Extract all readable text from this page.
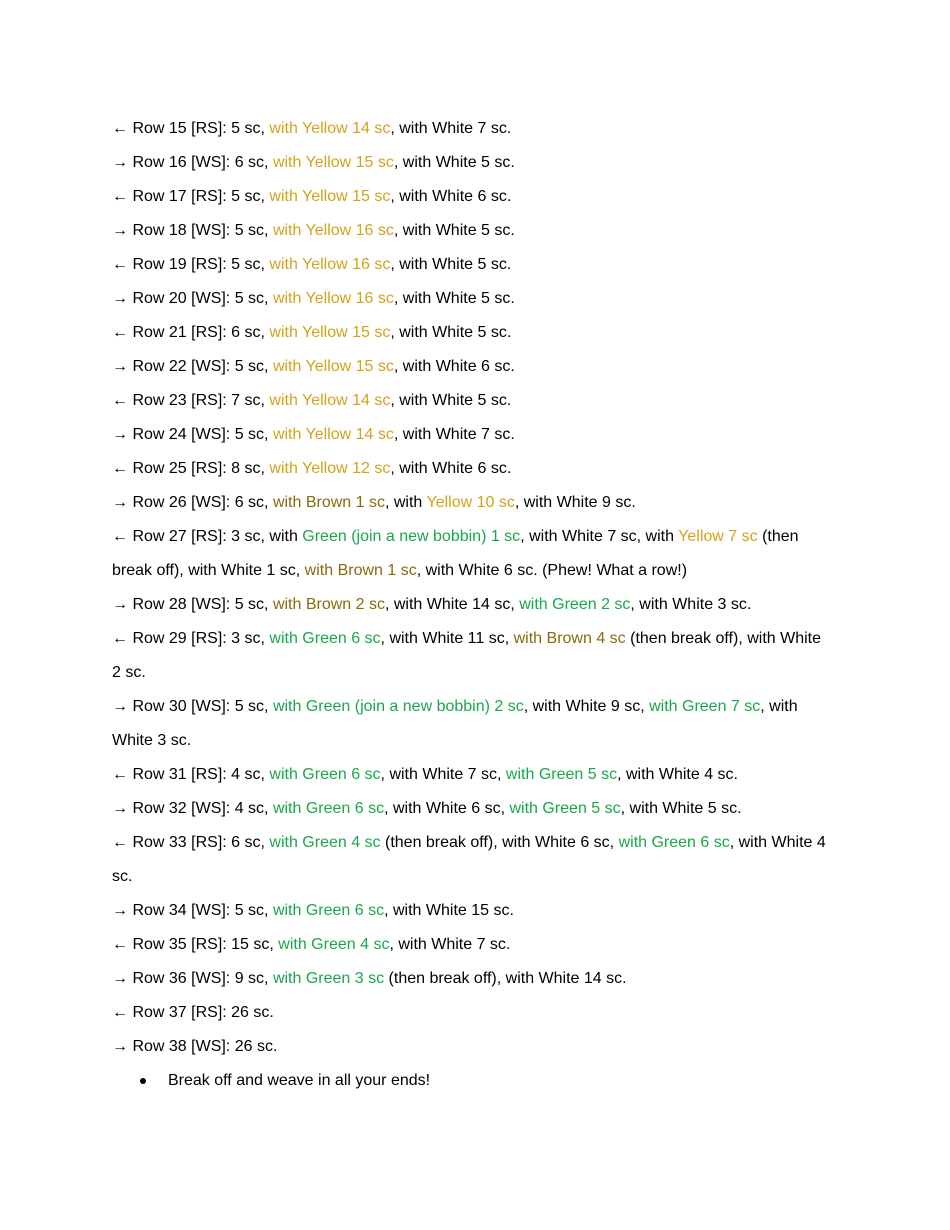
← Row 15 [RS]: 5 sc, with Yellow 14 sc, with White 7 sc.
→ Row 16 [WS]: 6 sc, with Yellow 15 sc, with White 5 sc.
← Row 17 [RS]: 5 sc, with Yellow 15 sc, with White 6 sc.
→ Row 18 [WS]: 5 sc, with Yellow 16 sc, with White 5 sc.
← Row 19 [RS]: 5 sc, with Yellow 16 sc, with White 5 sc.
→ Row 20 [WS]: 5 sc, with Yellow 16 sc, with White 5 sc.
← Row 21 [RS]: 6 sc, with Yellow 15 sc, with White 5 sc.
→ Row 22 [WS]: 5 sc, with Yellow 15 sc, with White 6 sc.
← Row 23 [RS]: 7 sc, with Yellow 14 sc, with White 5 sc.
→ Row 24 [WS]: 5 sc, with Yellow 14 sc, with White 7 sc.
← Row 25 [RS]: 8 sc, with Yellow 12 sc, with White 6 sc.
→ Row 26 [WS]: 6 sc, with Brown 1 sc, with Yellow 10 sc, with White 9 sc.
← Row 27 [RS]: 3 sc, with Green (join a new bobbin) 1 sc, with White 7 sc, with Yellow 7 sc (then break off), with White 1 sc, with Brown 1 sc, with White 6 sc. (Phew! What a row!)
→ Row 28 [WS]: 5 sc, with Brown 2 sc, with White 14 sc, with Green 2 sc, with White 3 sc.
← Row 29 [RS]: 3 sc, with Green 6 sc, with White 11 sc, with Brown 4 sc (then break off), with White 2 sc.
→ Row 30 [WS]: 5 sc, with Green (join a new bobbin) 2 sc, with White 9 sc, with Green 7 sc, with White 3 sc.
← Row 31 [RS]: 4 sc, with Green 6 sc, with White 7 sc, with Green 5 sc, with White 4 sc.
→ Row 32 [WS]: 4 sc, with Green 6 sc, with White 6 sc, with Green 5 sc, with White 5 sc.
← Row 33 [RS]: 6 sc, with Green 4 sc (then break off), with White 6 sc, with Green 6 sc, with White 4 sc.
→ Row 34 [WS]: 5 sc, with Green 6 sc, with White 15 sc.
← Row 35 [RS]: 15 sc, with Green 4 sc, with White 7 sc.
→ Row 36 [WS]: 9 sc, with Green 3 sc (then break off), with White 14 sc.
← Row 37 [RS]: 26 sc.
→ Row 38 [WS]: 26 sc.
Break off and weave in all your ends!
